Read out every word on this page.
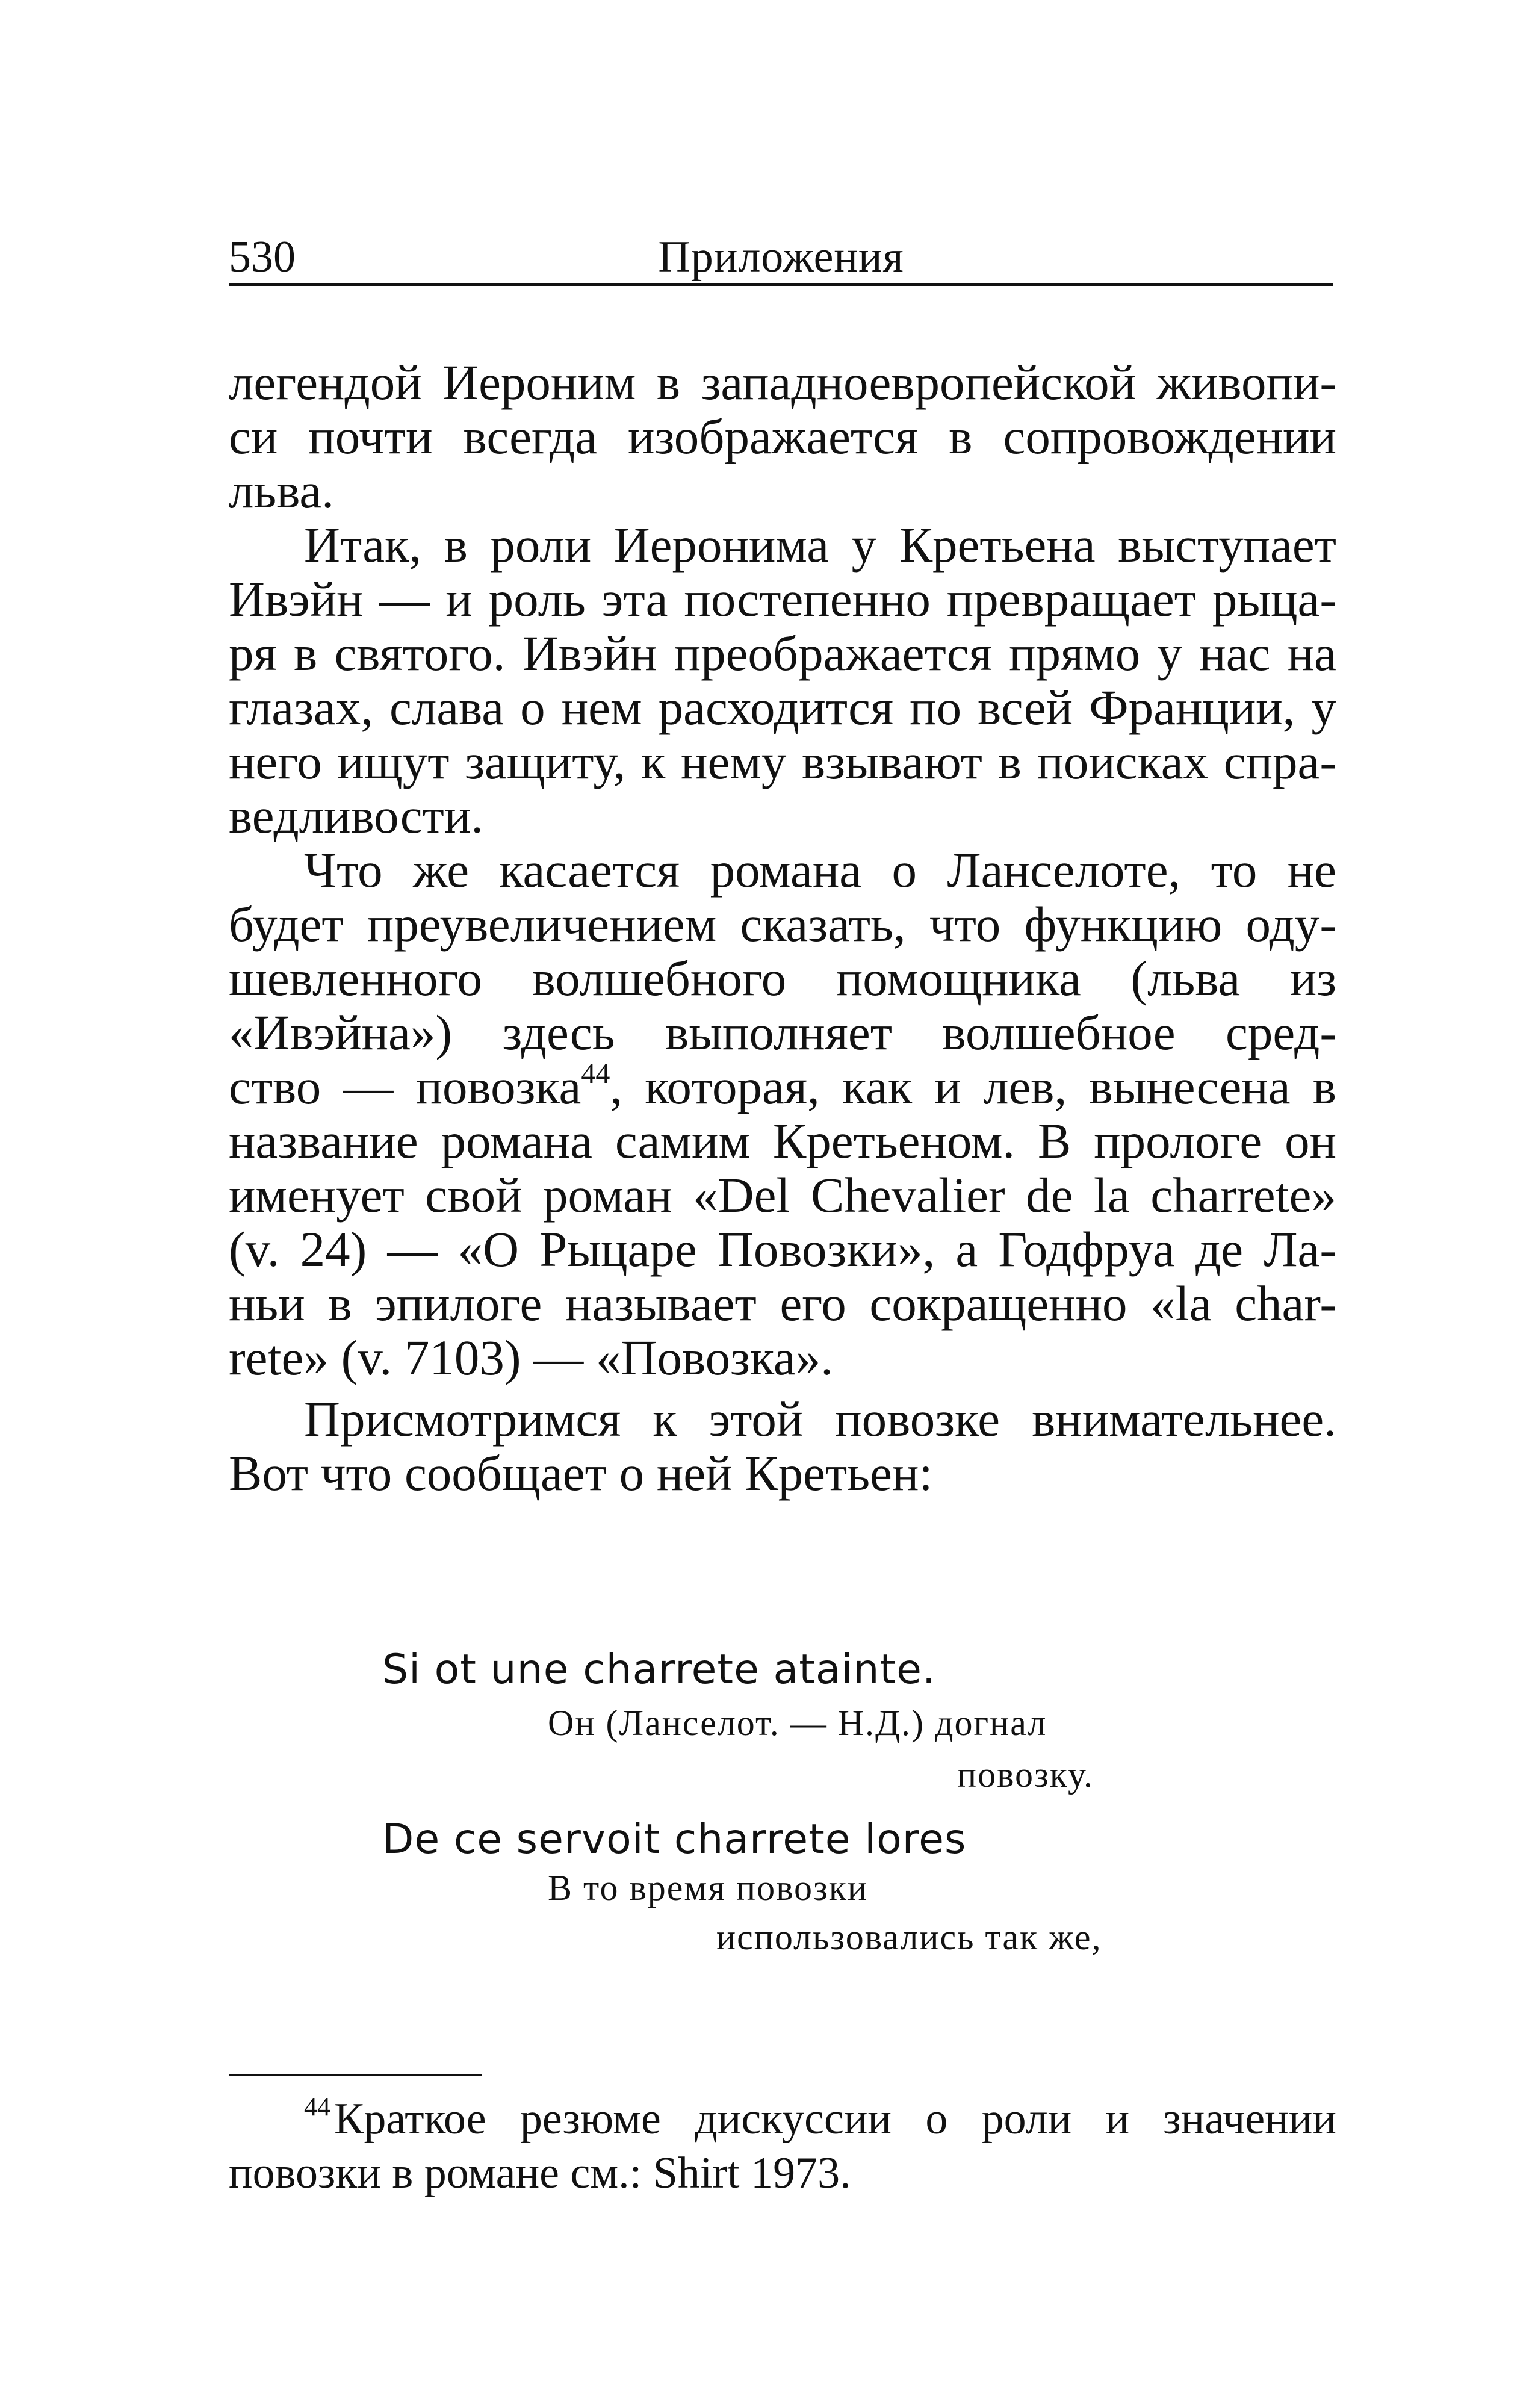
530	Приложения
легендой Иероним в западноевропейской живопи-
си почти всегда изображается в сопровождении
льва.
Итак, в роли Иеронима у Кретьена выступает
Ивэйн — и роль эта постепенно превращает рыца-
ря в святого. Ивэйн преображается прямо у нас на
глазах, слава о нем расходится по всей Франции, у
него ищут защиту, к нему взывают в поисках спра-
ведливости.
Что же касается романа о Ланселоте, то не
будет преувеличением сказать, что функцию оду-
шевленного волшебного помощника (льва из
«Ивэйна») здесь выполняет волшебное сред-
ство — повозка$^{44}$, которая, как и лев, вынесена в
название романа самим Кретьеном. В прологе он
именует свой роман «Del Chevalier de la charrete»
(v. 24) — «О Рыцаре Повозки», а Годфруа де Ла-
ньи в эпилоге называет его сокращенно «la char-
rete» (v. 7103) — «Повозка».
Присмотримся к этой повозке внимательнее.
Вот что сообщает о ней Кретьен:
Si ot une charrete atainte.
Он (Ланселот. — Н.Д.) догнал
повозку.
De ce servoit charrete lores
В то время повозки
использовались так же,
$^{44}$Краткое резюме дискуссии о роли и значении
повозки в романе см.: Shirt 1973.
